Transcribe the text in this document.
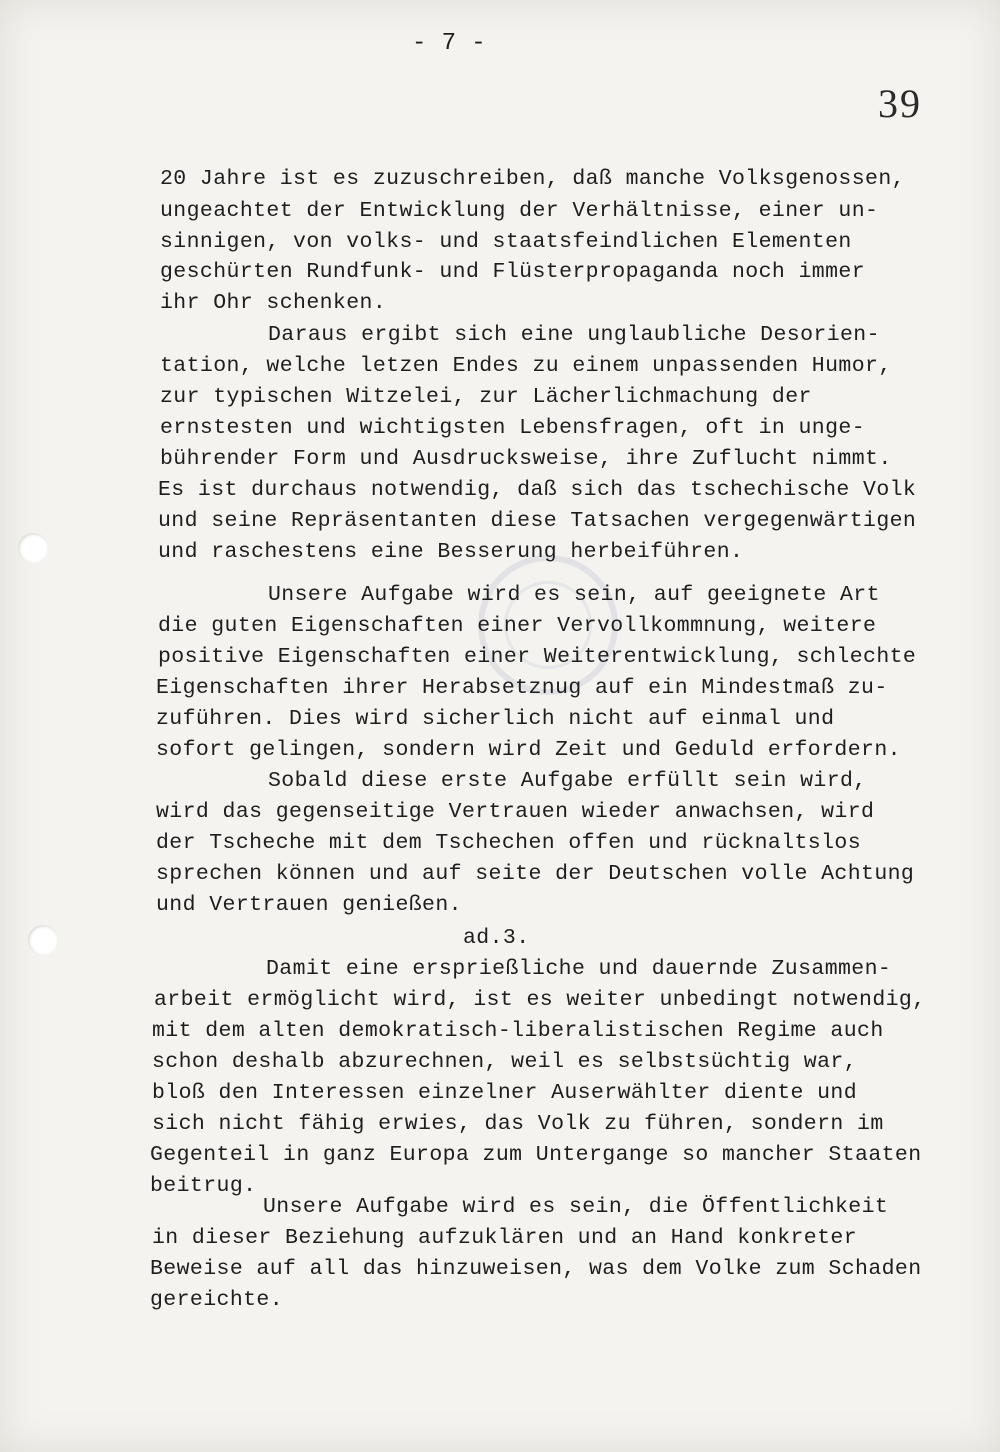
- 7 -
39
20 Jahre ist es zuzuschreiben, daß manche Volksgenossen,
ungeachtet der Entwicklung der Verhältnisse, einer un-
sinnigen, von volks- und staatsfeindlichen Elementen
geschürten Rundfunk- und Flüsterpropaganda noch immer
ihr Ohr schenken.
Daraus ergibt sich eine unglaubliche Desorien-
tation, welche letzen Endes zu einem unpassenden Humor,
zur typischen Witzelei, zur Lächerlichmachung der
ernstesten und wichtigsten Lebensfragen, oft in unge-
bührender Form und Ausdrucksweise, ihre Zuflucht nimmt.
Es ist durchaus notwendig, daß sich das tschechische Volk
und seine Repräsentanten diese Tatsachen vergegenwärtigen
und raschestens eine Besserung herbeiführen.
Unsere Aufgabe wird es sein, auf geeignete Art
die guten Eigenschaften einer Vervollkommnung, weitere
positive Eigenschaften einer Weiterentwicklung, schlechte
Eigenschaften ihrer Herabsetznug auf ein Mindestmaß zu-
zuführen. Dies wird sicherlich nicht auf einmal und
sofort gelingen, sondern wird Zeit und Geduld erfordern.
Sobald diese erste Aufgabe erfüllt sein wird,
wird das gegenseitige Vertrauen wieder anwachsen, wird
der Tscheche mit dem Tschechen offen und rücknaltslos
sprechen können und auf seite der Deutschen volle Achtung
und Vertrauen genießen.
ad.3.
Damit eine ersprießliche und dauernde Zusammen-
arbeit ermöglicht wird, ist es weiter unbedingt notwendig,
mit dem alten demokratisch-liberalistischen Regime auch
schon deshalb abzurechnen, weil es selbstsüchtig war,
bloß den Interessen einzelner Auserwählter diente und
sich nicht fähig erwies, das Volk zu führen, sondern im
Gegenteil in ganz Europa zum Untergange so mancher Staaten
beitrug.
Unsere Aufgabe wird es sein, die Öffentlichkeit
in dieser Beziehung aufzuklären und an Hand konkreter
Beweise auf all das hinzuweisen, was dem Volke zum Schaden
gereichte.
